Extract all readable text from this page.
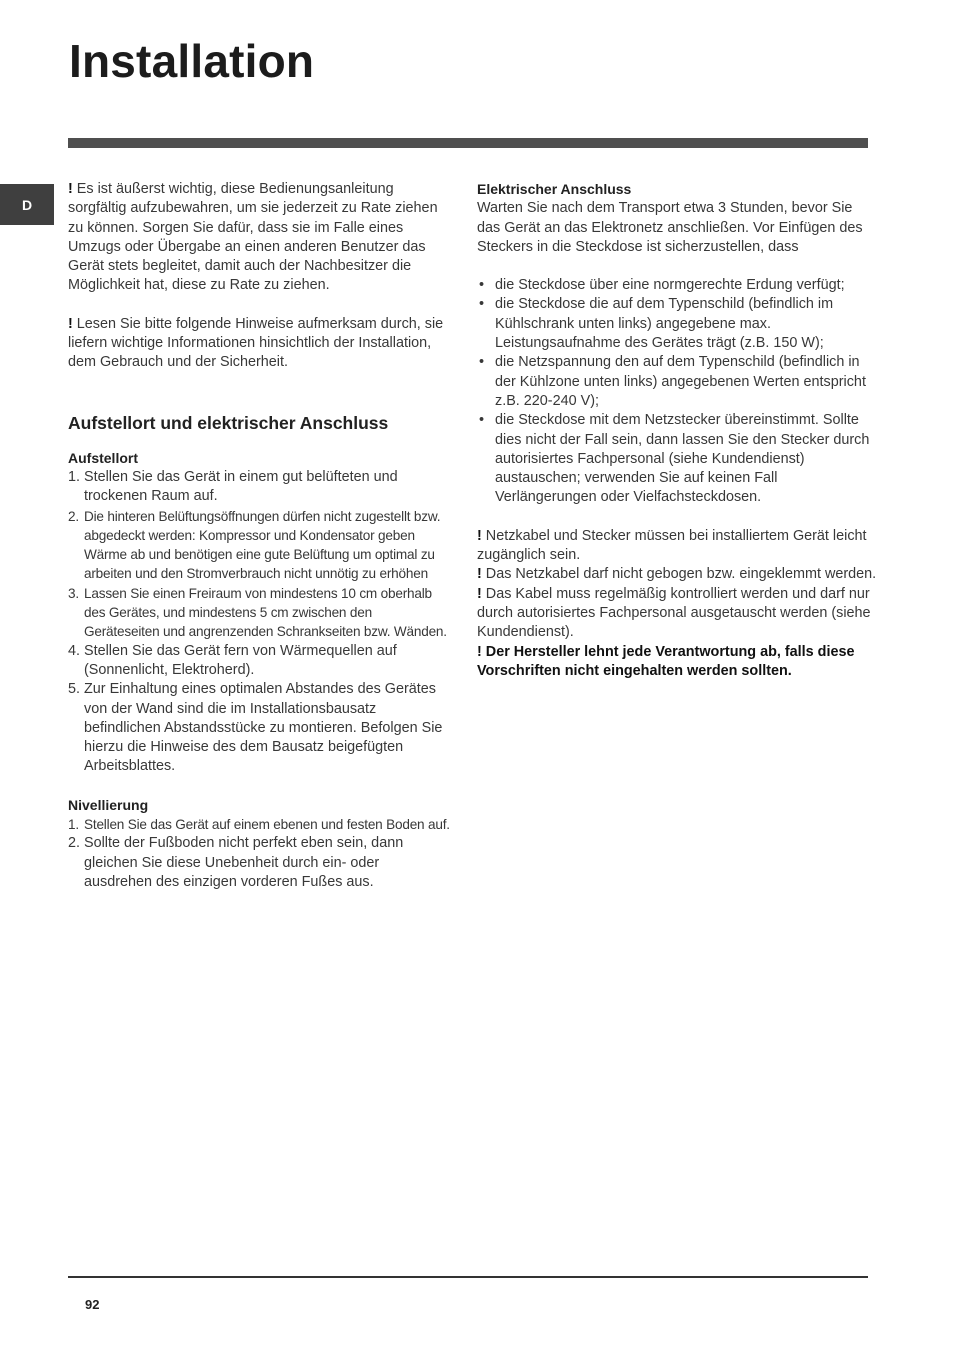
Installation
D

! Es ist äußerst wichtig, diese Bedienungsanleitung sorgfältig aufzubewahren, um sie jederzeit zu Rate ziehen zu können. Sorgen Sie dafür, dass sie im Falle eines Umzugs oder Übergabe an einen anderen Benutzer das Gerät stets begleitet, damit auch der Nachbesitzer die Möglichkeit hat, diese zu Rate zu ziehen.

! Lesen Sie bitte folgende Hinweise aufmerksam durch, sie liefern wichtige Informationen hinsichtlich der Installation, dem Gebrauch und der Sicherheit.

Aufstellort und elektrischer Anschluss
Aufstellort
1. Stellen Sie das Gerät in einem gut belüfteten und trockenen Raum auf.
2. Die hinteren Belüftungsöffnungen dürfen nicht zugestellt bzw. abgedeckt werden: Kompressor und Kondensator geben Wärme ab und benötigen eine gute Belüftung um optimal zu arbeiten und den Stromverbrauch nicht unnötig zu erhöhen
3. Lassen Sie einen Freiraum von mindestens 10 cm oberhalb des Gerätes, und mindestens 5 cm zwischen den Geräteseiten und angrenzenden Schrankseiten bzw. Wänden.
4. Stellen Sie das Gerät fern von Wärmequellen auf (Sonnenlicht, Elektroherd).
5. Zur Einhaltung eines optimalen Abstandes des Gerätes von der Wand sind die im Installationsbausatz befindlichen Abstandsstücke zu montieren. Befolgen Sie hierzu die Hinweise des dem Bausatz beigefügten Arbeitsblattes.
Nivellierung
1. Stellen Sie das Gerät auf einem ebenen und festen Boden auf.
2. Sollte der Fußboden nicht perfekt eben sein, dann gleichen Sie diese Unebenheit durch ein- oder ausdrehen des einzigen vorderen Fußes aus.
Elektrischer Anschluss

Warten Sie nach dem Transport etwa 3 Stunden, bevor Sie das Gerät an das Elektronetz anschließen. Vor Einfügen des Steckers in die Steckdose ist sicherzustellen, dass

• die Steckdose über eine normgerechte Erdung verfügt;
• die Steckdose die auf dem Typenschild (befindlich im Kühlschrank unten links) angegebene max. Leistungsaufnahme des Gerätes trägt (z.B. 150 W);
• die Netzspannung den auf dem Typenschild (befindlich in der Kühlzone unten links) angegebenen Werten entspricht z.B. 220-240 V);
• die Steckdose mit dem Netzstecker übereinstimmt. Sollte dies nicht der Fall sein, dann lassen Sie den Stecker durch autorisiertes Fachpersonal (siehe Kundendienst) austauschen; verwenden Sie auf keinen Fall Verlängerungen oder Vielfachsteckdosen.

! Netzkabel und Stecker müssen bei installiertem Gerät leicht zugänglich sein.

! Das Netzkabel darf nicht gebogen bzw. eingeklemmt werden.

! Das Kabel muss regelmäßig kontrolliert werden und darf nur durch autorisiertes Fachpersonal ausgetauscht werden (siehe Kundendienst).

! Der Hersteller lehnt jede Verantwortung ab, falls diese Vorschriften nicht eingehalten werden sollten.

92
